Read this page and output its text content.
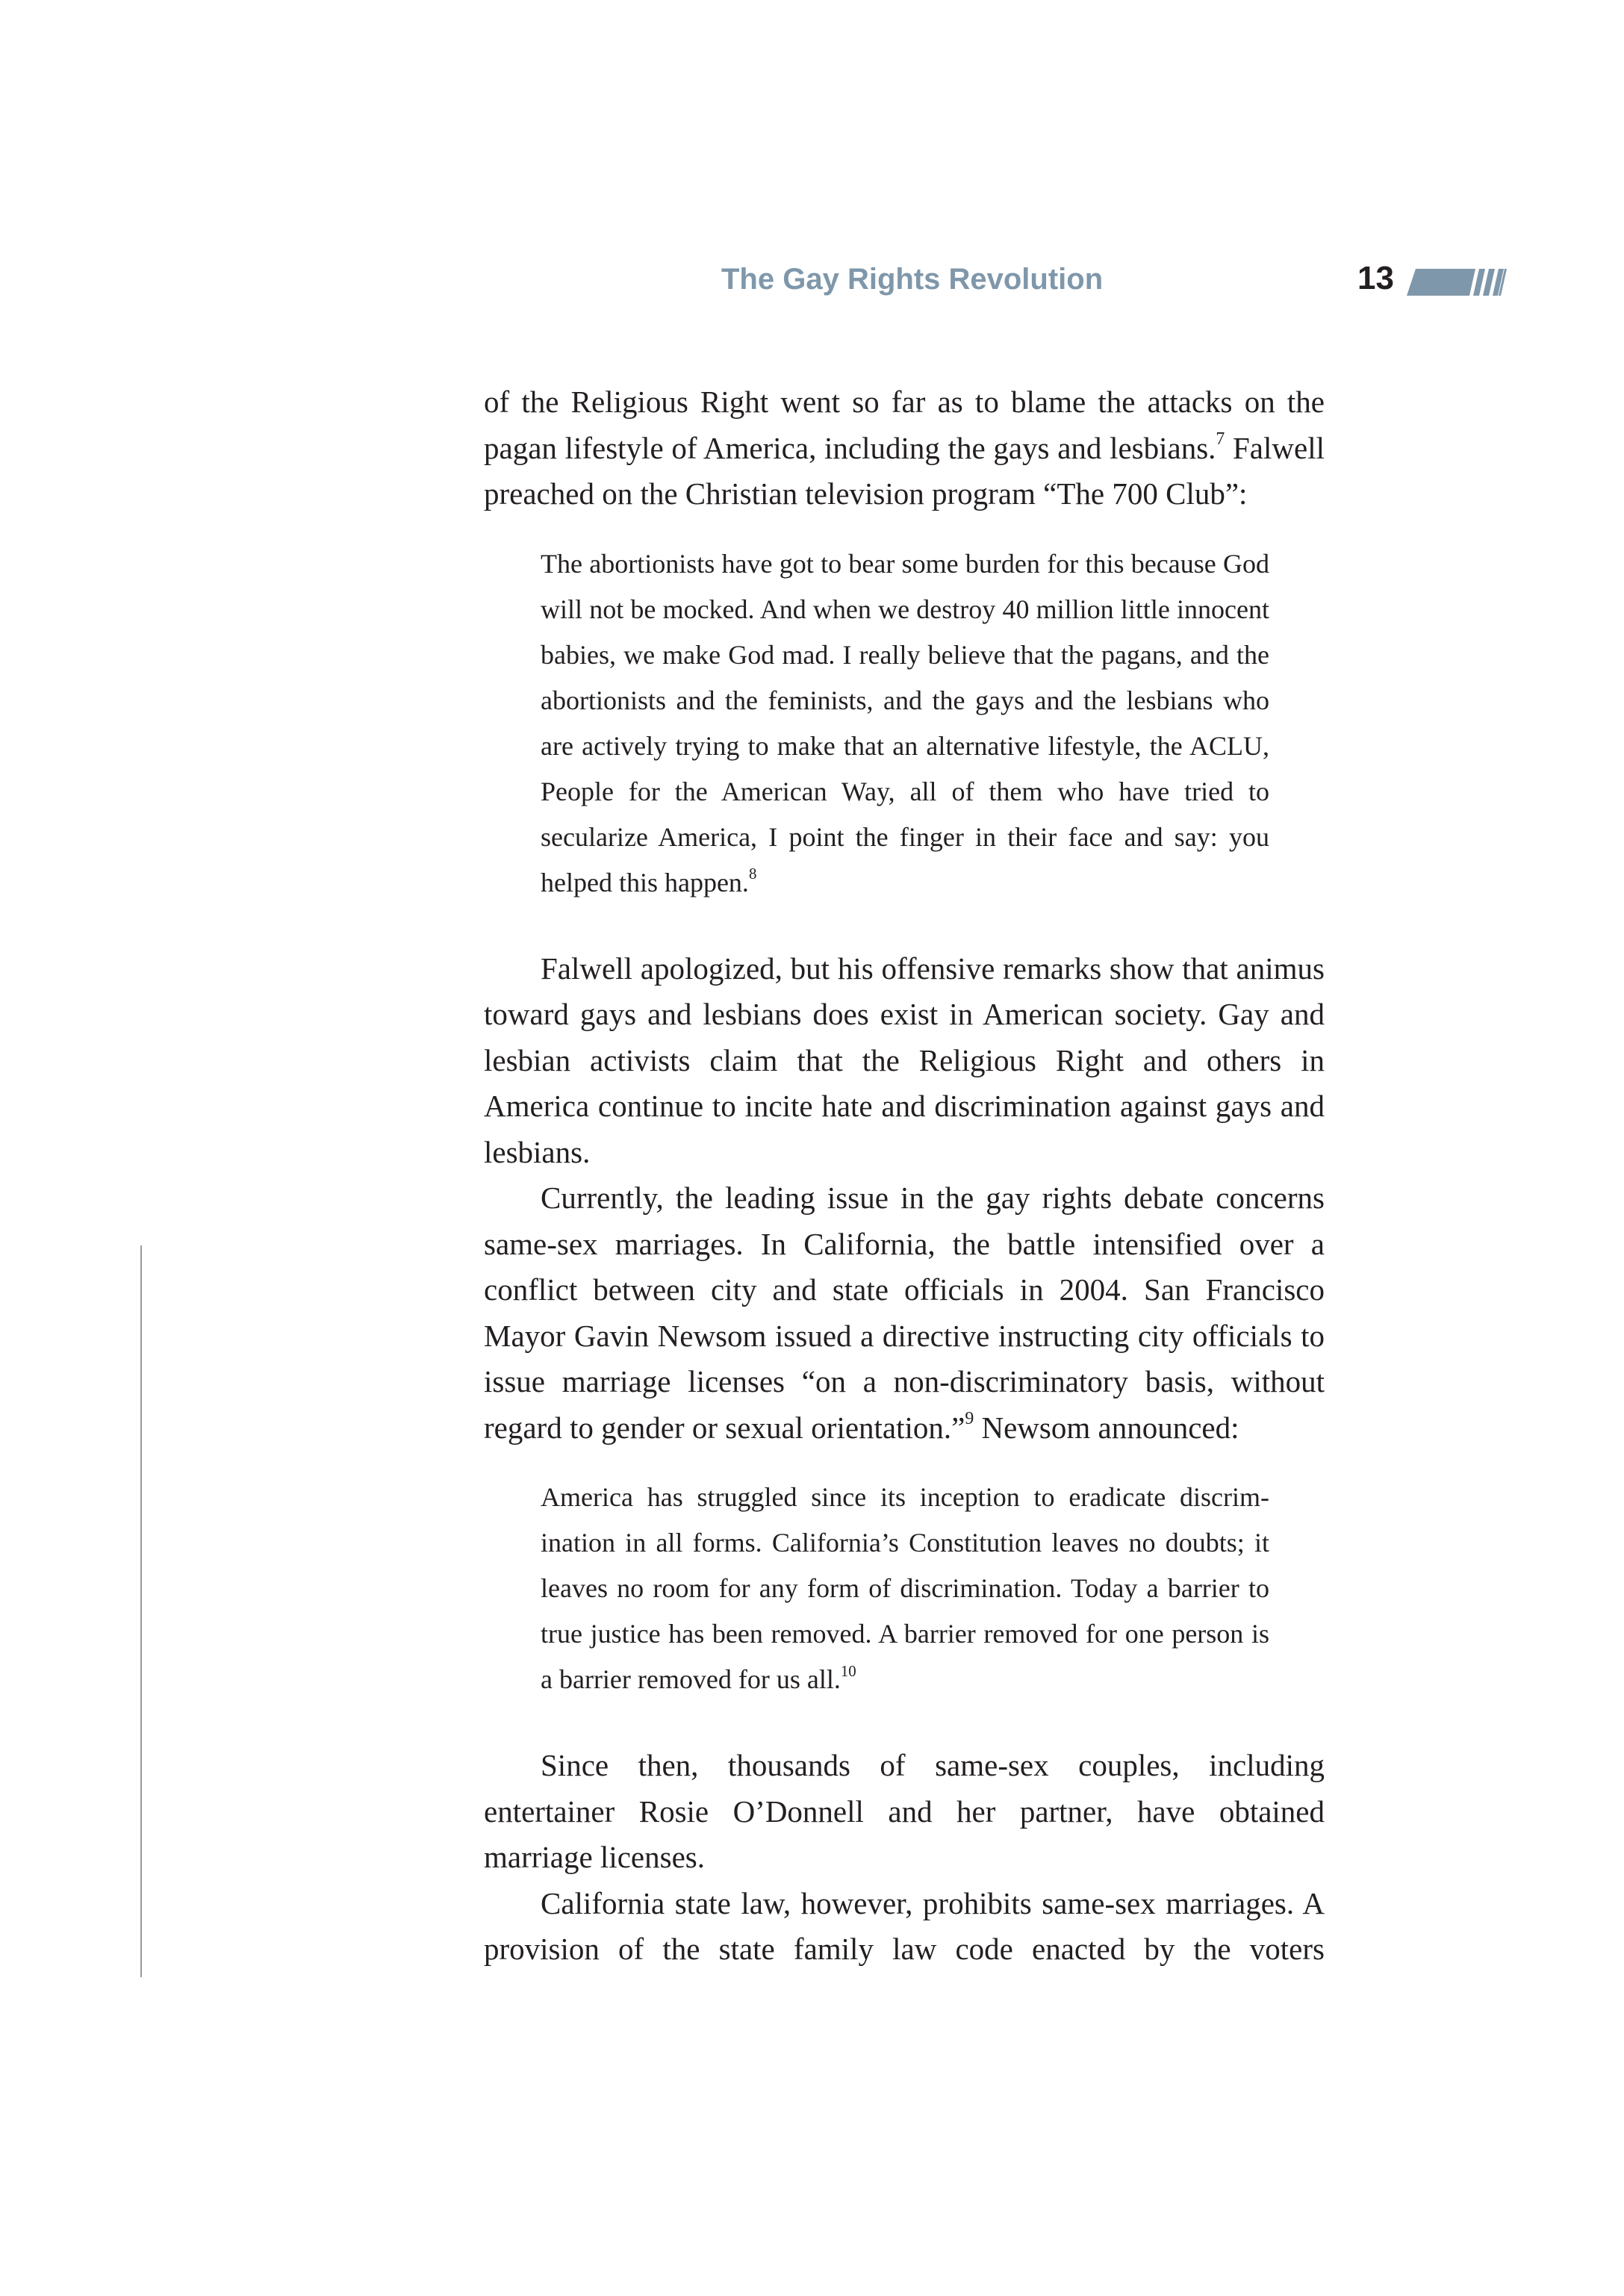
The Gay Rights Revolution	13

of the Religious Right went so far as to blame the attacks on the pagan lifestyle of America, including the gays and lesbians.$^7$ Falwell preached on the Christian television program “The 700 Club”:

The abortionists have got to bear some burden for this because God will not be mocked. And when we destroy 40 million little innocent babies, we make God mad. I really believe that the pagans, and the abortionists and the feminists, and the gays and the lesbians who are actively trying to make that an alternative lifestyle, the ACLU, People for the American Way, all of them who have tried to secularize America, I point the finger in their face and say: you helped this happen.$^8$

Falwell apologized, but his offensive remarks show that animus toward gays and lesbians does exist in American society. Gay and lesbian activists claim that the Religious Right and others in America continue to incite hate and discrimination against gays and lesbians.

Currently, the leading issue in the gay rights debate concerns same-sex marriages. In California, the battle intensified over a conflict between city and state officials in 2004. San Francisco Mayor Gavin Newsom issued a directive instructing city officials to issue marriage licenses “on a non-discriminatory basis, without regard to gender or sexual orientation.”$^9$ Newsom announced:

America has struggled since its inception to eradicate discrimination in all forms. California’s Constitution leaves no doubts; it leaves no room for any form of discrimination. Today a barrier to true justice has been removed. A barrier removed for one person is a barrier removed for us all.$^{10}$

Since then, thousands of same-sex couples, including entertainer Rosie O’Donnell and her partner, have obtained marriage licenses.

California state law, however, prohibits same-sex marriages. A provision of the state family law code enacted by the voters
